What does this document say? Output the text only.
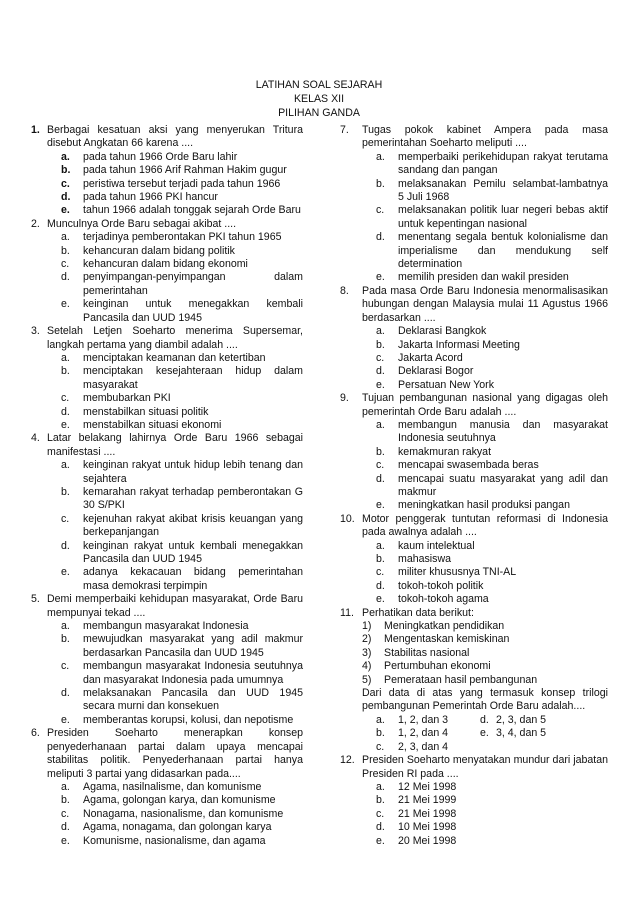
LATIHAN SOAL SEJARAH
KELAS XII
PILIHAN GANDA
1. Berbagai kesatuan aksi yang menyerukan Tritura disebut Angkatan 66 karena ....
a.	pada tahun 1966 Orde Baru lahir
b.	pada tahun 1966 Arif Rahman Hakim gugur
c.	peristiwa tersebut terjadi pada tahun 1966
d.	pada tahun 1966 PKI hancur
e.	tahun 1966 adalah tonggak sejarah Orde Baru
2. Munculnya Orde Baru sebagai akibat ....
a.	terjadinya pemberontakan PKI tahun 1965
b.	kehancuran dalam bidang politik
c.	kehancuran dalam bidang ekonomi
d.	penyimpangan-penyimpangan dalam pemerintahan
e.	keinginan untuk menegakkan kembali Pancasila dan UUD 1945
3. Setelah Letjen Soeharto menerima Supersemar, langkah pertama yang diambil adalah ....
a.	menciptakan keamanan dan ketertiban
b.	menciptakan kesejahteraan hidup dalam masyarakat
c.	membubarkan PKI
d.	menstabilkan situasi politik
e.	menstabilkan situasi ekonomi
4. Latar belakang lahirnya Orde Baru 1966 sebagai manifestasi ....
a.	keinginan rakyat untuk hidup lebih tenang dan sejahtera
b.	kemarahan rakyat terhadap pemberontakan G 30 S/PKI
c.	kejenuhan rakyat akibat krisis keuangan yang berkepanjangan
d.	keinginan rakyat untuk kembali menegakkan Pancasila dan UUD 1945
e.	adanya kekacauan bidang pemerintahan masa demokrasi terpimpin
5. Demi memperbaiki kehidupan masyarakat, Orde Baru mempunyai tekad ....
a.	membangun masyarakat Indonesia
b.	mewujudkan masyarakat yang adil makmur berdasarkan Pancasila dan UUD 1945
c.	membangun masyarakat Indonesia seutuhnya dan masyarakat Indonesia pada umumnya
d.	melaksanakan Pancasila dan UUD 1945 secara murni dan konsekuen
e.	memberantas korupsi, kolusi, dan nepotisme
6. Presiden Soeharto menerapkan konsep penyederhanaan partai dalam upaya mencapai stabilitas politik. Penyederhanaan partai hanya meliputi 3 partai yang didasarkan pada....
a.	Agama, nasilnalisme, dan komunisme
b.	Agama, golongan karya, dan komunisme
c.	Nonagama, nasionalisme, dan komunisme
d.	Agama, nonagama, dan golongan karya
e.	Komunisme, nasionalisme, dan agama
7.	Tugas pokok kabinet Ampera pada masa pemerintahan Soeharto meliputi ....
a.	memperbaiki perikehidupan rakyat terutama sandang dan pangan
b.	melaksanakan Pemilu selambat-lambatnya 5 Juli 1968
c.	melaksanakan politik luar negeri bebas aktif untuk kepentingan nasional
d.	menentang segala bentuk kolonialisme dan imperialisme dan mendukung self determination
e.	memilih presiden dan wakil presiden
8.	Pada masa Orde Baru Indonesia menormalisasikan hubungan dengan Malaysia mulai 11 Agustus 1966 berdasarkan ....
a.	Deklarasi Bangkok
b.	Jakarta Informasi Meeting
c.	Jakarta Acord
d.	Deklarasi Bogor
e.	Persatuan New York
9.	Tujuan pembangunan nasional yang digagas oleh pemerintah Orde Baru adalah ....
a.	membangun manusia dan masyarakat Indonesia seutuhnya
b.	kemakmuran rakyat
c.	mencapai swasembada beras
d.	mencapai suatu masyarakat yang adil dan makmur
e.	meningkatkan hasil produksi pangan
10. Motor penggerak tuntutan reformasi di Indonesia pada awalnya adalah ....
a.	kaum intelektual
b.	mahasiswa
c.	militer khususnya TNI-AL
d.	tokoh-tokoh politik
e.	tokoh-tokoh agama
11. Perhatikan data berikut:
1)	Meningkatkan pendidikan
2)	Mengentaskan kemiskinan
3)	Stabilitas nasional
4)	Pertumbuhan ekonomi
5)	Pemerataan hasil pembangunan
Dari data di atas yang termasuk konsep trilogi pembangunan Pemerintah Orde Baru adalah....
a.	1, 2, dan 3	d. 2, 3, dan 5
b.	1, 2, dan 4	e. 3, 4, dan 5
c.	2, 3, dan 4
12. Presiden Soeharto menyatakan mundur dari jabatan Presiden RI pada ....
a.	12 Mei 1998
b.	21 Mei 1999
c.	21 Mei 1998
d.	10 Mei 1998
e.	20 Mei 1998
